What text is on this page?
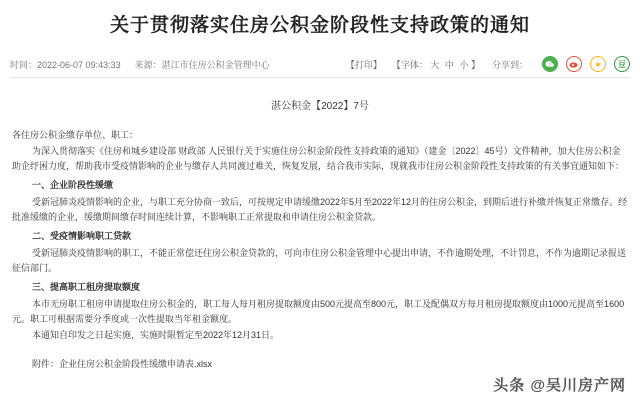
关于贯彻落实住房公积金阶段性支持政策的通知
时间：2022-06-07 09:43:33 来源：湛江市住房公积金管理中心	【打印】 【字体： 大 中 小 】 分享到：	★	豆
湛公积金【2022】7号

各住房公积金缴存单位、职工：

为深入贯彻落实《住房和城乡建设部 财政部 人民银行关于实施住房公积金阶段性支持政策的通知》（建金〔2022〕45号）文件精神，加大住房公积金助企纾困力度，帮助我市受疫情影响的企业与缴存人共同渡过难关，恢复发展，结合我市实际，现就我市住房公积金阶段性支持政策的有关事宜通知如下：

一、企业阶段性缓缴

受新冠肺炎疫情影响的企业，与职工充分协商一致后，可按规定申请缓缴2022年5月至2022年12月的住房公积金，到期后进行补缴并恢复正常缴存。经批准缓缴的企业，缓缴期间缴存时间连续计算，不影响职工正常提取和申请住房公积金贷款。

二、受疫情影响职工贷款

受新冠肺炎疫情影响的职工，不能正常偿还住房公积金贷款的，可向市住房公积金管理中心提出申请，不作逾期处理，不计罚息，不作为逾期记录报送征信部门。

三、提高职工租房提取额度

本市无房职工租房申请提取住房公积金的，职工每人每月租房提取额度由500元提高至800元，职工及配偶双方每月租房提取额度由1000元提高至1600元。职工可根据需要分季度或一次性提取当年租金额度。

本通知自印发之日起实施，实施时限暂定至2022年12月31日。

附件：企业住房公积金阶段性缓缴申请表.xlsx

头条 @吴川房产网
